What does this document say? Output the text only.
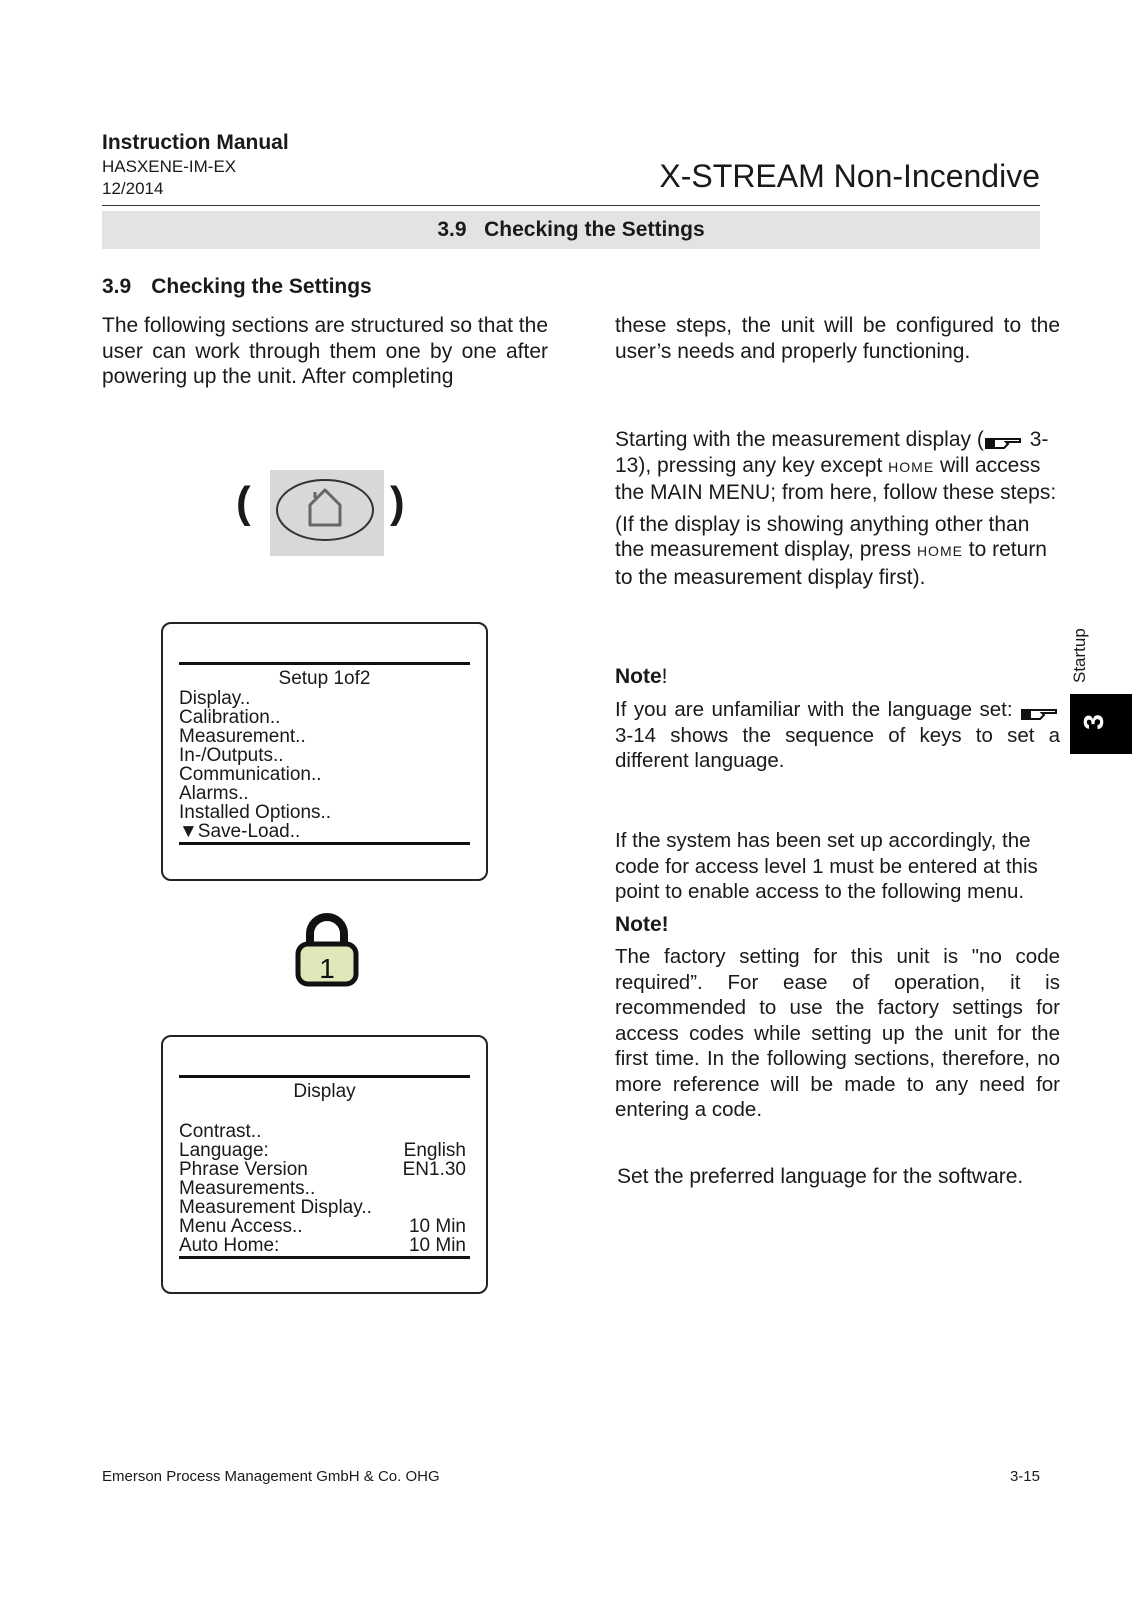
Instruction Manual
HASXENE-IM-EX
12/2014	X-STREAM Non-Incendive
3.9 Checking the Settings
3.9 Checking the Settings
The following sections are structured so that the user can work through them one by one after powering up the unit. After completing
these steps, the unit will be configured to the user’s needs and properly functioning.
Starting with the measurement display ( 3-13), pressing any key except HOME will access the MAIN MENU; from here, follow these steps:
(If the display is showing anything other than the measurement display, press HOME to return to the measurement display first).
(	)
Setup 1of2
Display..
Calibration..
Measurement..
In-/Outputs..
Communication..
Alarms..
Installed Options..
▼Save-Load..
1
Display
Contrast..
Language:	English
Phrase Version	EN1.30
Measurements..
Measurement Display..
Menu Access..	10 Min
Auto Home:	10 Min
Note!
If you are unfamiliar with the language set:  3-14 shows the sequence of keys to set a different language.
If the system has been set up accordingly, the code for access level 1 must be entered at this point to enable access to the following menu.
Note!
The factory setting for this unit is "no code required”. For ease of operation, it is recommended to use the factory settings for access codes while setting up the unit for the first time. In the following sections, therefore, no more reference will be made to any need for entering a code.
Set the preferred language for the software.
Startup
3
Emerson Process Management GmbH & Co. OHG	3-15
